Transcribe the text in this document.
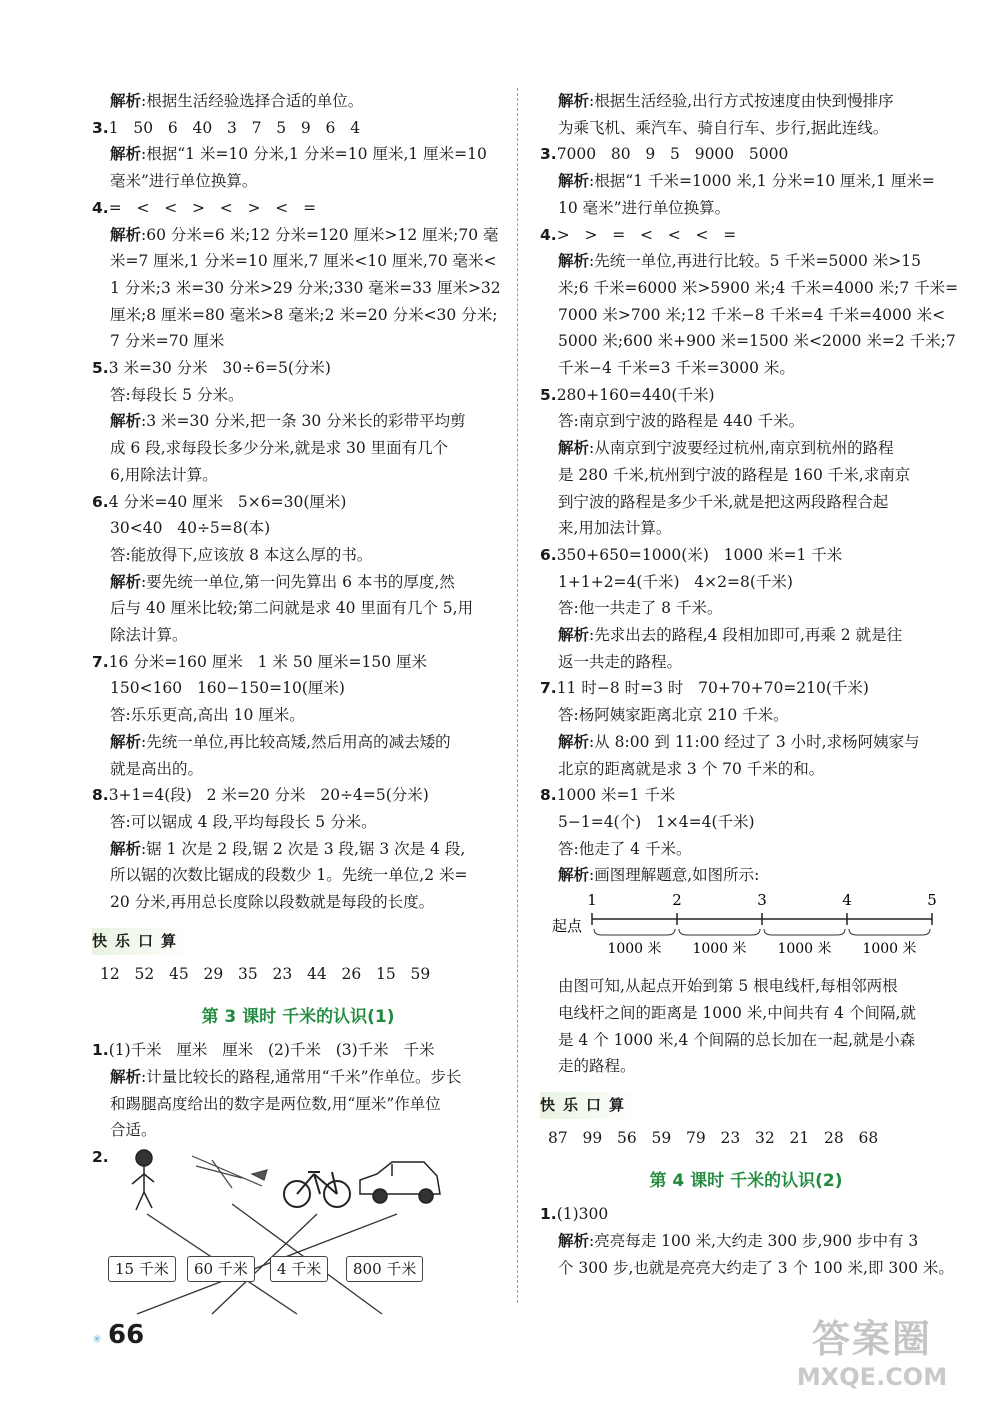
解析:根据生活经验选择合适的单位。
3.1   50   6   40   3   7   5   9   6   4
解析:根据“1 米=10 分米,1 分米=10 厘米,1 厘米=10
毫米”进行单位换算。
4.=   <   <   >   <   >   <   =
解析:60 分米=6 米;12 分米=120 厘米>12 厘米;70 毫
米=7 厘米,1 分米=10 厘米,7 厘米<10 厘米,70 毫米<
1 分米;3 米=30 分米>29 分米;330 毫米=33 厘米>32
厘米;8 厘米=80 毫米>8 毫米;2 米=20 分米<30 分米;
7 分米=70 厘米
5.3 米=30 分米   30÷6=5(分米)
答:每段长 5 分米。
解析:3 米=30 分米,把一条 30 分米长的彩带平均剪
成 6 段,求每段长多少分米,就是求 30 里面有几个
6,用除法计算。
6.4 分米=40 厘米   5×6=30(厘米)
30<40   40÷5=8(本)
答:能放得下,应该放 8 本这么厚的书。
解析:要先统一单位,第一问先算出 6 本书的厚度,然
后与 40 厘米比较;第二问就是求 40 里面有几个 5,用
除法计算。
7.16 分米=160 厘米   1 米 50 厘米=150 厘米
150<160   160−150=10(厘米)
答:乐乐更高,高出 10 厘米。
解析:先统一单位,再比较高矮,然后用高的减去矮的
就是高出的。
8.3+1=4(段)   2 米=20 分米   20÷4=5(分米)
答:可以锯成 4 段,平均每段长 5 分米。
解析:锯 1 次是 2 段,锯 2 次是 3 段,锯 3 次是 4 段,
所以锯的次数比锯成的段数少 1。先统一单位,2 米=
20 分米,再用总长度除以段数就是每段的长度。
快 乐 口 算
12   52   45   29   35   23   44   26   15   59
第 3 课时 千米的认识(1)
1.(1)千米   厘米   厘米   (2)千米   (3)千米   千米
解析:计量比较长的路程,通常用“千米”作单位。步长
和踢腿高度给出的数字是两位数,用“厘米”作单位
合适。
2.
15 千米	60 千米	4 千米	800 千米
解析:根据生活经验,出行方式按速度由快到慢排序
为乘飞机、乘汽车、骑自行车、步行,据此连线。
3.7000   80   9   5   9000   5000
解析:根据“1 千米=1000 米,1 分米=10 厘米,1 厘米=
10 毫米”进行单位换算。
4.>   >   =   <   <   <   =
解析:先统一单位,再进行比较。5 千米=5000 米>15
米;6 千米=6000 米>5900 米;4 千米=4000 米;7 千米=
7000 米>700 米;12 千米−8 千米=4 千米=4000 米<
5000 米;600 米+900 米=1500 米<2000 米=2 千米;7
千米−4 千米=3 千米=3000 米。
5.280+160=440(千米)
答:南京到宁波的路程是 440 千米。
解析:从南京到宁波要经过杭州,南京到杭州的路程
是 280 千米,杭州到宁波的路程是 160 千米,求南京
到宁波的路程是多少千米,就是把这两段路程合起
来,用加法计算。
6.350+650=1000(米)   1000 米=1 千米
1+1+2=4(千米)   4×2=8(千米)
答:他一共走了 8 千米。
解析:先求出去的路程,4 段相加即可,再乘 2 就是往
返一共走的路程。
7.11 时−8 时=3 时   70+70+70=210(千米)
答:杨阿姨家距离北京 210 千米。
解析:从 8:00 到 11:00 经过了 3 小时,求杨阿姨家与
北京的距离就是求 3 个 70 千米的和。
8.1000 米=1 千米
5−1=4(个)   1×4=4(千米)
答:他走了 4 千米。
解析:画图理解题意,如图所示:
起点
1	2	3	4	5
1000 米 1000 米 1000 米 1000 米
由图可知,从起点开始到第 5 根电线杆,每相邻两根
电线杆之间的距离是 1000 米,中间共有 4 个间隔,就
是 4 个 1000 米,4 个间隔的总长加在一起,就是小森
走的路程。
快 乐 口 算
87   99   56   59   79   23   32   21   28   68
第 4 课时 千米的认识(2)
1.(1)300
解析:亮亮每走 100 米,大约走 300 步,900 步中有 3
个 300 步,也就是亮亮大约走了 3 个 100 米,即 300 米。
✳ 66	答案圈
MXQE.COM
